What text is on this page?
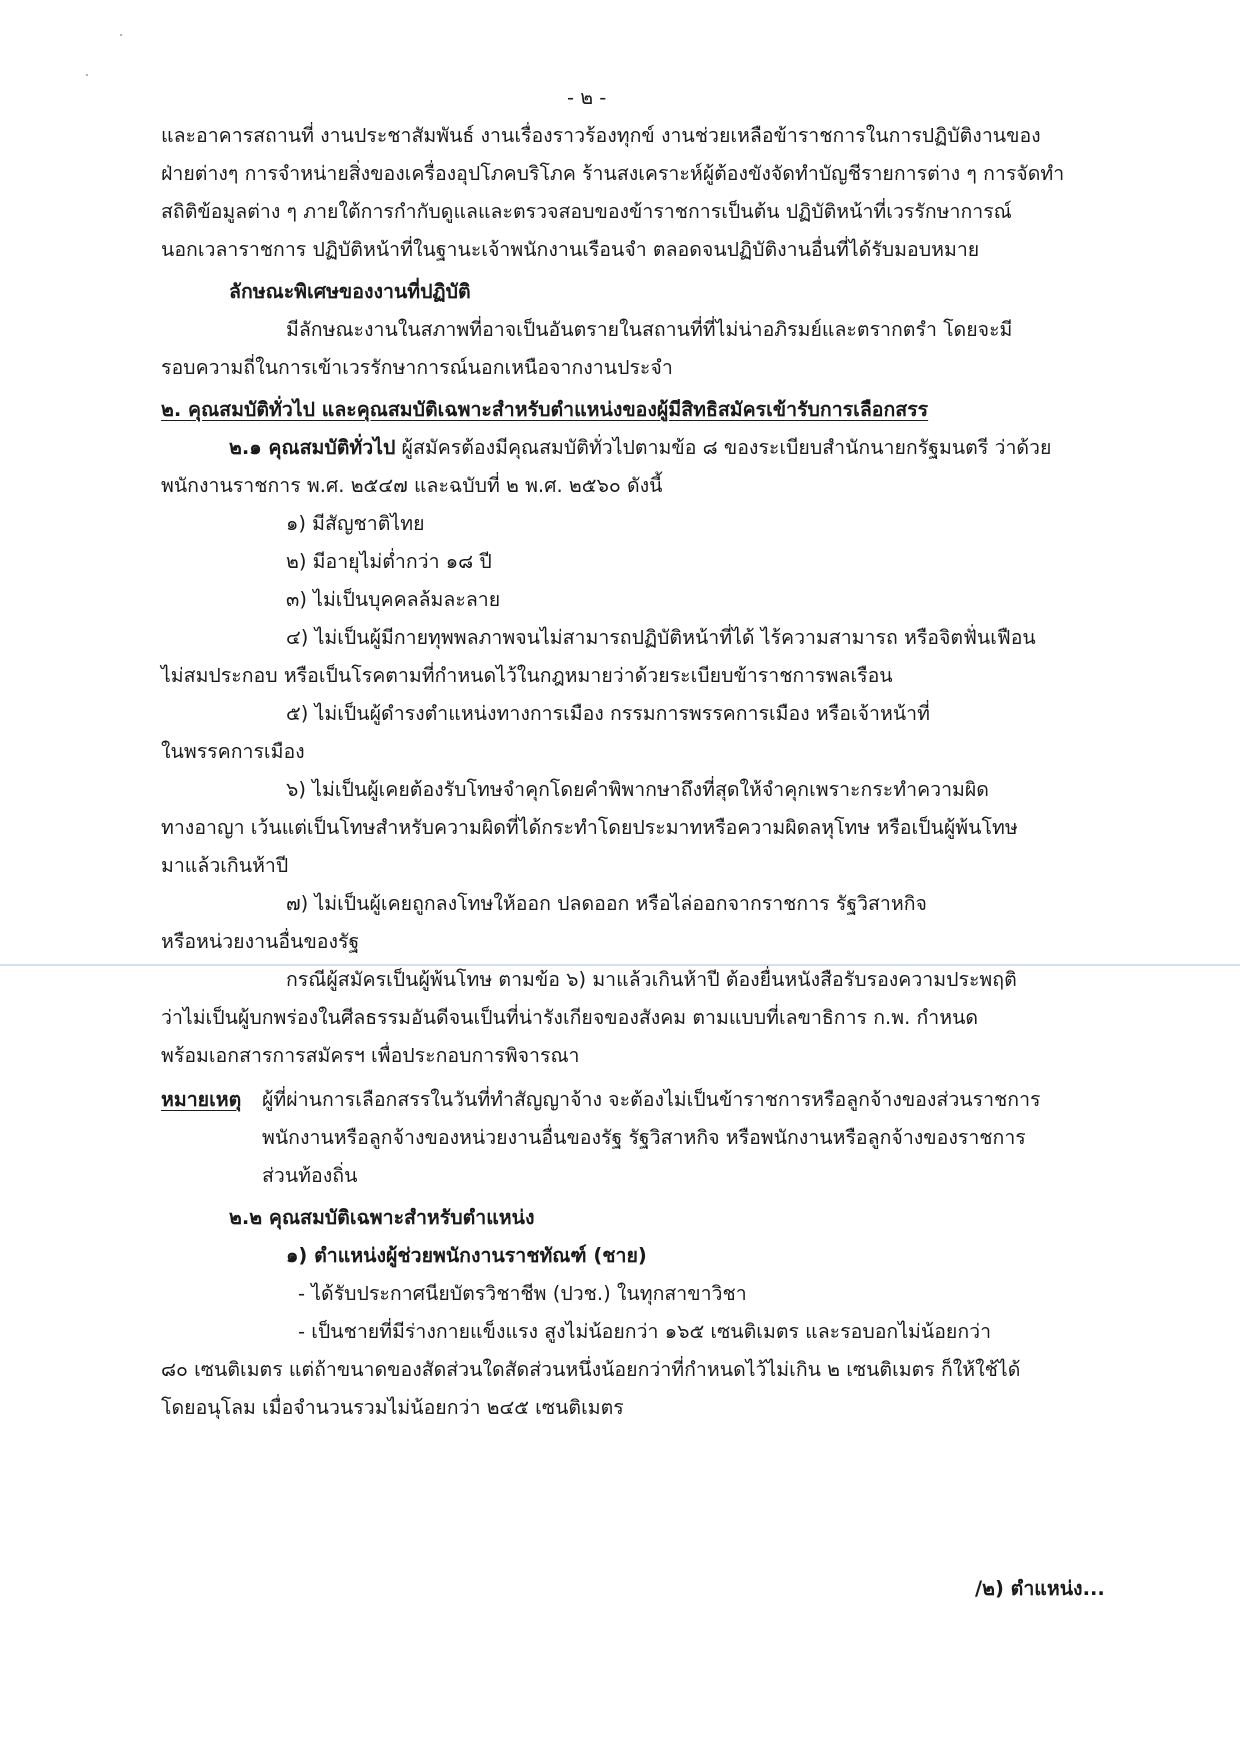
- ๒ -
และอาคารสถานที่ งานประชาสัมพันธ์ งานเรื่องราวร้องทุกข์ งานช่วยเหลือข้าราชการในการปฏิบัติงานของ
ฝ่ายต่างๆ การจำหน่ายสิ่งของเครื่องอุปโภคบริโภค ร้านสงเคราะห์ผู้ต้องขังจัดทำบัญชีรายการต่าง ๆ การจัดทำ
สถิติข้อมูลต่าง ๆ ภายใต้การกำกับดูแลและตรวจสอบของข้าราชการเป็นต้น ปฏิบัติหน้าที่เวรรักษาการณ์
นอกเวลาราชการ ปฏิบัติหน้าที่ในฐานะเจ้าพนักงานเรือนจำ ตลอดจนปฏิบัติงานอื่นที่ได้รับมอบหมาย
ลักษณะพิเศษของงานที่ปฏิบัติ
มีลักษณะงานในสภาพที่อาจเป็นอันตรายในสถานที่ที่ไม่น่าอภิรมย์และตรากตรำ โดยจะมี
รอบความถี่ในการเข้าเวรรักษาการณ์นอกเหนือจากงานประจำ
๒. คุณสมบัติทั่วไป และคุณสมบัติเฉพาะสำหรับตำแหน่งของผู้มีสิทธิสมัครเข้ารับการเลือกสรร
๒.๑ คุณสมบัติทั่วไป ผู้สมัครต้องมีคุณสมบัติทั่วไปตามข้อ ๘ ของระเบียบสำนักนายกรัฐมนตรี ว่าด้วย
พนักงานราชการ พ.ศ. ๒๕๔๗ และฉบับที่ ๒ พ.ศ. ๒๕๖๐ ดังนี้
๑) มีสัญชาติไทย
๒) มีอายุไม่ต่ำกว่า ๑๘ ปี
๓) ไม่เป็นบุคคลล้มละลาย
๔) ไม่เป็นผู้มีกายทุพพลภาพจนไม่สามารถปฏิบัติหน้าที่ได้ ไร้ความสามารถ หรือจิตฟั่นเฟือน
ไม่สมประกอบ หรือเป็นโรคตามที่กำหนดไว้ในกฎหมายว่าด้วยระเบียบข้าราชการพลเรือน
๕) ไม่เป็นผู้ดำรงตำแหน่งทางการเมือง กรรมการพรรคการเมือง หรือเจ้าหน้าที่
ในพรรคการเมือง
๖) ไม่เป็นผู้เคยต้องรับโทษจำคุกโดยคำพิพากษาถึงที่สุดให้จำคุกเพราะกระทำความผิด
ทางอาญา เว้นแต่เป็นโทษสำหรับความผิดที่ได้กระทำโดยประมาทหรือความผิดลหุโทษ หรือเป็นผู้พ้นโทษ
มาแล้วเกินห้าปี
๗) ไม่เป็นผู้เคยถูกลงโทษให้ออก ปลดออก หรือไล่ออกจากราชการ รัฐวิสาหกิจ
หรือหน่วยงานอื่นของรัฐ
กรณีผู้สมัครเป็นผู้พ้นโทษ ตามข้อ ๖) มาแล้วเกินห้าปี ต้องยื่นหนังสือรับรองความประพฤติ
ว่าไม่เป็นผู้บกพร่องในศีลธรรมอันดีจนเป็นที่น่ารังเกียจของสังคม ตามแบบที่เลขาธิการ ก.พ. กำหนด
พร้อมเอกสารการสมัครฯ เพื่อประกอบการพิจารณา
หมายเหตุ ผู้ที่ผ่านการเลือกสรรในวันที่ทำสัญญาจ้าง จะต้องไม่เป็นข้าราชการหรือลูกจ้างของส่วนราชการ
พนักงานหรือลูกจ้างของหน่วยงานอื่นของรัฐ รัฐวิสาหกิจ หรือพนักงานหรือลูกจ้างของราชการ
ส่วนท้องถิ่น
๒.๒ คุณสมบัติเฉพาะสำหรับตำแหน่ง
๑) ตำแหน่งผู้ช่วยพนักงานราชทัณฑ์ (ชาย)
- ได้รับประกาศนียบัตรวิชาชีพ (ปวช.) ในทุกสาขาวิชา
- เป็นชายที่มีร่างกายแข็งแรง สูงไม่น้อยกว่า ๑๖๕ เซนติเมตร และรอบอกไม่น้อยกว่า
๘๐ เซนติเมตร แต่ถ้าขนาดของสัดส่วนใดสัดส่วนหนึ่งน้อยกว่าที่กำหนดไว้ไม่เกิน ๒ เซนติเมตร ก็ให้ใช้ได้
โดยอนุโลม เมื่อจำนวนรวมไม่น้อยกว่า ๒๔๕ เซนติเมตร
/๒) ตำแหน่ง...
